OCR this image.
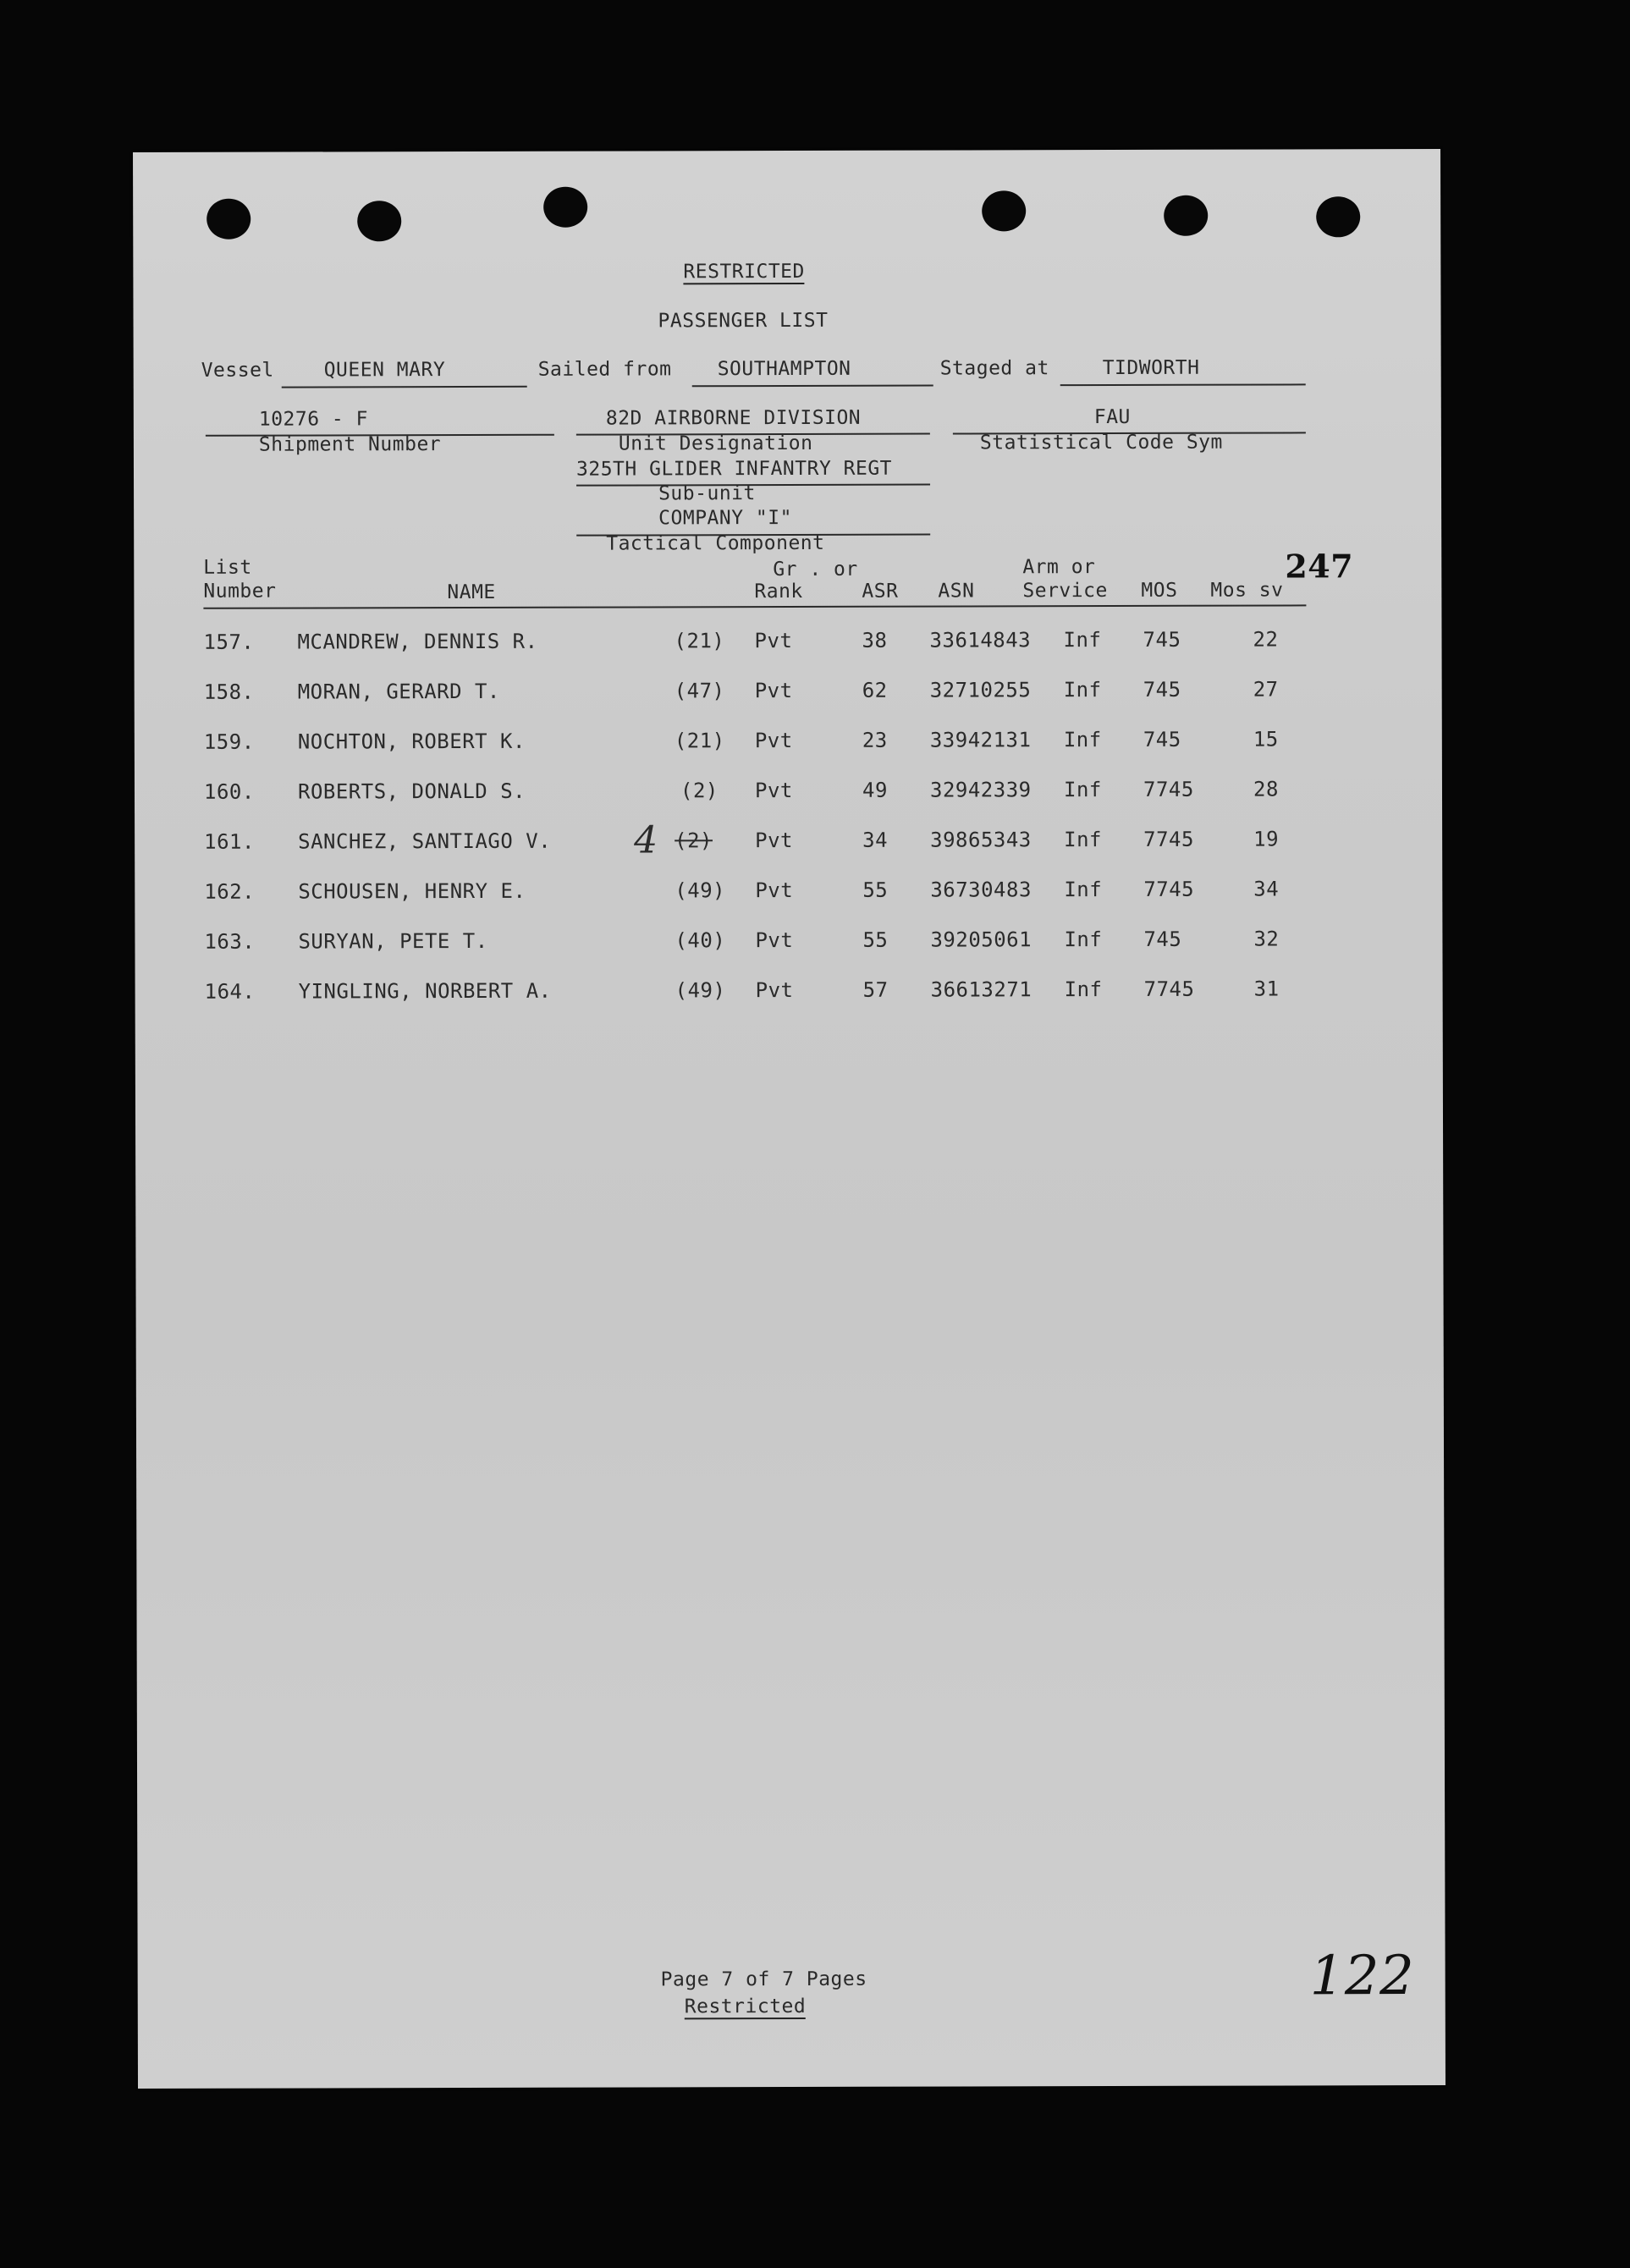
RESTRICTED
PASSENGER LIST
Vessel	QUEEN MARY	Sailed from SOUTHAMPTON	Staged at	TIDWORTH
10276 - F
Shipment Number
82D AIRBORNE DIVISION
Unit Designation
325TH GLIDER INFANTRY REGT
Sub-unit
COMPANY "I"
Tactical Component
FAU
Statistical Code Sym
247
List
Number	NAME
Gr . or
Rank	ASR ASN
Arm or
Service MOS Mos sv
157. MCANDREW, DENNIS R.	(21) Pvt	38 33614843 Inf 745	22
158. MORAN, GERARD T.	(47) Pvt	62 32710255 Inf 745	27
159. NOCHTON, ROBERT K.	(21) Pvt	23 33942131 Inf 745	15
160. ROBERTS, DONALD S.	(2) Pvt	49 32942339 Inf 7745	28
161. SANCHEZ, SANTIAGO V. 4 (2) Pvt	34 39865343 Inf 7745	19
162. SCHOUSEN, HENRY E.	(49) Pvt	55 36730483 Inf 7745	34
163. SURYAN, PETE T.	(40) Pvt	55 39205061 Inf 745	32
164. YINGLING, NORBERT A.	(49) Pvt	57 36613271 Inf 7745	31
Page 7 of 7 Pages
Restricted	122
